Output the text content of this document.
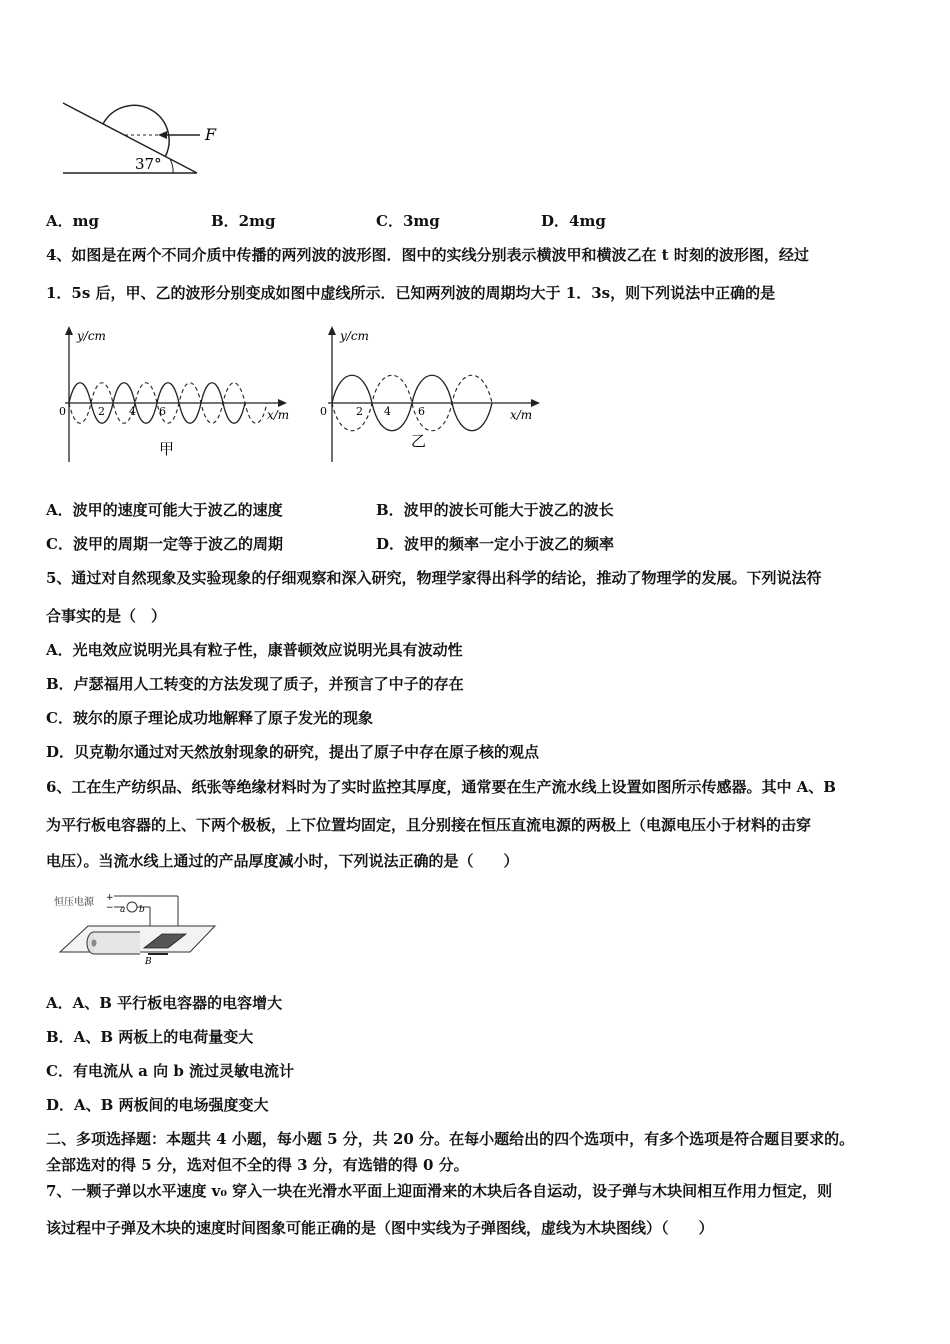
F
37°
A．mg	B．2mg	C．3mg	D．4mg
4、如图是在两个不同介质中传播的两列波的波形图．图中的实线分别表示横波甲和横波乙在 t 时刻的波形图，经过
1．5s 后，甲、乙的波形分别变成如图中虚线所示．已知两列波的周期均大于 1．3s，则下列说法中正确的是
y/cm
x/m
0	2 4 6
甲
y/cm
x/m
0	2 4 6
乙
A．波甲的速度可能大于波乙的速度	B．波甲的波长可能大于波乙的波长
C．波甲的周期一定等于波乙的周期	D．波甲的频率一定小于波乙的频率
5、通过对自然现象及实验现象的仔细观察和深入研究，物理学家得出科学的结论，推动了物理学的发展。下列说法符
合事实的是（　）
A．光电效应说明光具有粒子性，康普顿效应说明光具有波动性
B．卢瑟福用人工转变的方法发现了质子，并预言了中子的存在
C．玻尔的原子理论成功地解释了原子发光的现象
D．贝克勒尔通过对天然放射现象的研究，提出了原子中存在原子核的观点
6、工在生产纺织品、纸张等绝缘材料时为了实时监控其厚度，通常要在生产流水线上设置如图所示传感器。其中 A、B
为平行板电容器的上、下两个极板，上下位置均固定，且分别接在恒压直流电源的两极上（电源电压小于材料的击穿
电压）。当流水线上通过的产品厚度减小时，下列说法正确的是（　　）
恒压电源 +
− a b
B
A．A、B 平行板电容器的电容增大
B．A、B 两板上的电荷量变大
C．有电流从 a 向 b 流过灵敏电流计
D．A、B 两板间的电场强度变大
二、多项选择题：本题共 4 小题，每小题 5 分，共 20 分。在每小题给出的四个选项中，有多个选项是符合题目要求的。
全部选对的得 5 分，选对但不全的得 3 分，有选错的得 0 分。
7、一颗子弹以水平速度 v₀ 穿入一块在光滑水平面上迎面滑来的木块后各自运动，设子弹与木块间相互作用力恒定，则
该过程中子弹及木块的速度时间图象可能正确的是（图中实线为子弹图线，虚线为木块图线）（　　）
